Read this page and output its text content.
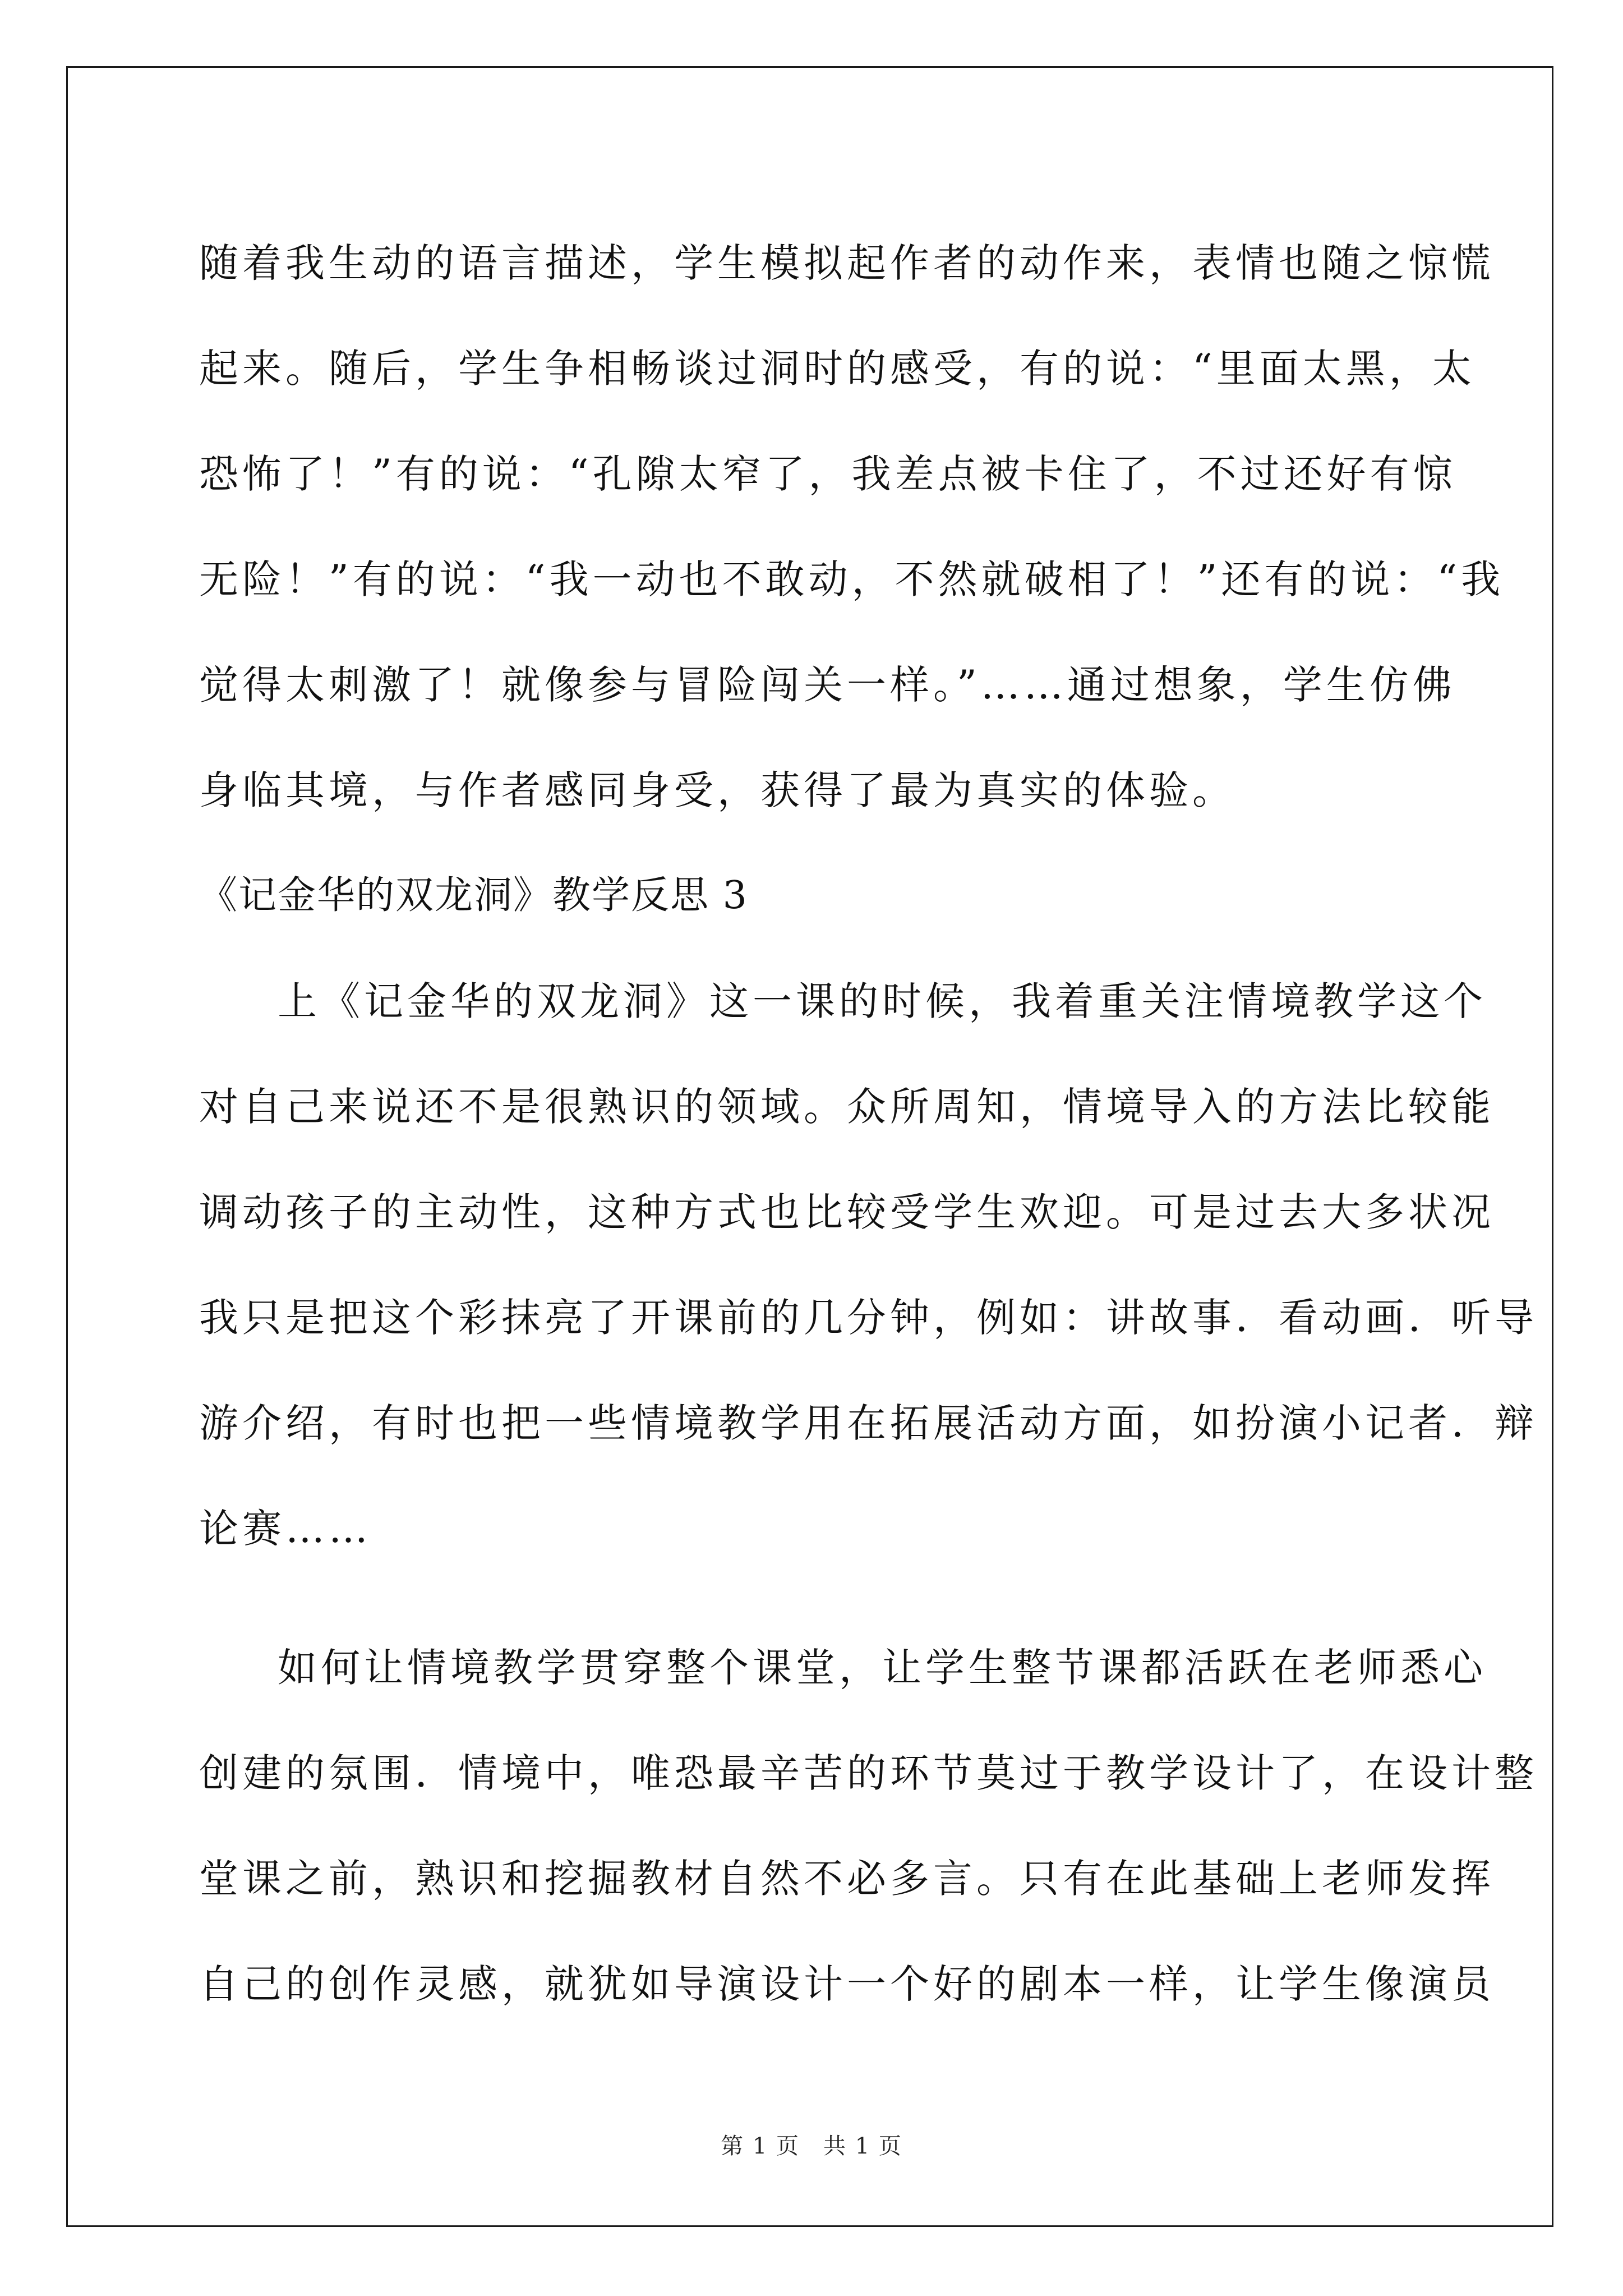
随着我生动的语言描述，学生模拟起作者的动作来，表情也随之惊慌
起来。随后，学生争相畅谈过洞时的感受，有的说：“里面太黑，太
恐怖了！”有的说：“孔隙太窄了，我差点被卡住了，不过还好有惊
无险！”有的说：“我一动也不敢动，不然就破相了！”还有的说：“我
觉得太刺激了！就像参与冒险闯关一样。”……通过想象，学生仿佛
身临其境，与作者感同身受，获得了最为真实的体验。
《记金华的双龙洞》教学反思 3
上《记金华的双龙洞》这一课的时候，我着重关注情境教学这个
对自己来说还不是很熟识的领域。众所周知，情境导入的方法比较能
调动孩子的主动性，这种方式也比较受学生欢迎。可是过去大多状况
我只是把这个彩抹亮了开课前的几分钟，例如：讲故事．看动画．听导
游介绍，有时也把一些情境教学用在拓展活动方面，如扮演小记者．辩
论赛……
如何让情境教学贯穿整个课堂，让学生整节课都活跃在老师悉心
创建的氛围．情境中，唯恐最辛苦的环节莫过于教学设计了，在设计整
堂课之前，熟识和挖掘教材自然不必多言。只有在此基础上老师发挥
自己的创作灵感，就犹如导演设计一个好的剧本一样，让学生像演员
第 1 页　共 1 页
